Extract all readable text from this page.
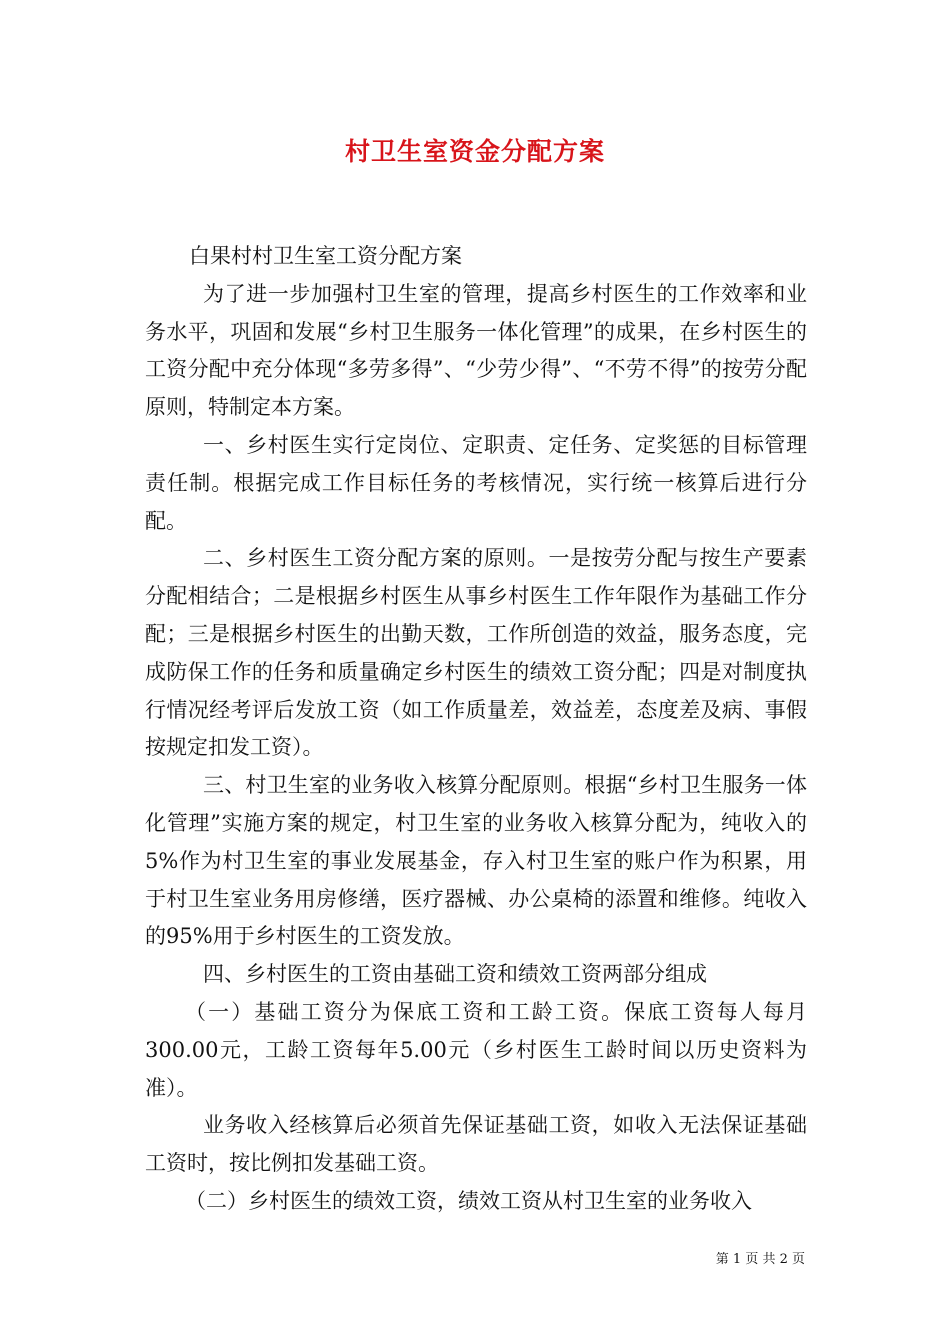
村卫生室资金分配方案

白果村村卫生室工资分配方案

为了进一步加强村卫生室的管理，提高乡村医生的工作效率和业务水平，巩固和发展“乡村卫生服务一体化管理”的成果，在乡村医生的工资分配中充分体现“多劳多得”、“少劳少得”、“不劳不得”的按劳分配原则，特制定本方案。

一、乡村医生实行定岗位、定职责、定任务、定奖惩的目标管理责任制。根据完成工作目标任务的考核情况，实行统一核算后进行分配。

二、乡村医生工资分配方案的原则。一是按劳分配与按生产要素分配相结合；二是根据乡村医生从事乡村医生工作年限作为基础工作分配；三是根据乡村医生的出勤天数，工作所创造的效益，服务态度，完成防保工作的任务和质量确定乡村医生的绩效工资分配；四是对制度执行情况经考评后发放工资（如工作质量差，效益差，态度差及病、事假按规定扣发工资）。

三、村卫生室的业务收入核算分配原则。根据“乡村卫生服务一体化管理”实施方案的规定，村卫生室的业务收入核算分配为，纯收入的5%作为村卫生室的事业发展基金，存入村卫生室的账户作为积累，用于村卫生室业务用房修缮，医疗器械、办公桌椅的添置和维修。纯收入的95%用于乡村医生的工资发放。

四、乡村医生的工资由基础工资和绩效工资两部分组成

（一）基础工资分为保底工资和工龄工资。保底工资每人每月300.00元，工龄工资每年5.00元（乡村医生工龄时间以历史资料为准）。

业务收入经核算后必须首先保证基础工资，如收入无法保证基础工资时，按比例扣发基础工资。

（二）乡村医生的绩效工资，绩效工资从村卫生室的业务收入

第 1 页 共 2 页
